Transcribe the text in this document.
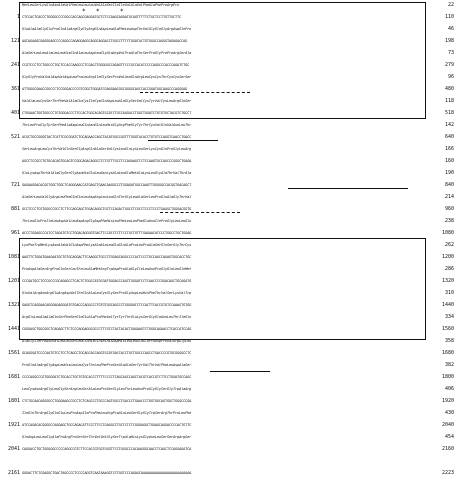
MetLeuSerLysGlnAsnAlaValPheLeuLeuLeuValAlaSerIleIleValAlaValPheAlaPheProArgPro	22
1 CTCCACTCACCCTGGGGCCCCGGCCACCAGCGAGGATGCTCTCCAAGCAGAATGCAGTTTTTCTGCTCCTTGTTGCTTC	110
GluAlaAlaGlyGluProGlnAlaArgGlyGlyArgGlnAspLeuAlaPheLeuAspThrValGlyGlnGlyArgAspGlnPro	46
121 AGCAGAAGCGAGGGAGCCCCAGGCCAGAGGAGGCAGGCAGGACCTGGCCTTTCTGGATACTGTGGGCCAGGGTAGAGACCAG	198
AlaSerLeuLeuAlaLeuLeuHisGlnAlaLeuAspLeuGlyAlaArgValProAlaThrSerProGlyProProArgSerAla	73
241 CCGTCCCTCCTGGCCCTGCTCCACCAAGCCCTCGACCTGGGGGCCAGAGTTCCCGCCACATCCCCAGGCCCACCCAGATCTGC	279
GlyGlyProValValAspValAspLeuProLeuArgIleGlySerProValAsnGlnArgLeuCysCysThrCysCysSerSer	96
361 ATTGGGCGAACCGGCCCTCCGGGACCCCGTCGGCTGGGATCGAGGAACGGCGGGGCAGCCACCGGATGGCAAGCCCAGGGAG	480
ValAlaLeuCysSerThrPheValAlaGlnCysIleCysGlnAspLeuAlaGlySerValCysTyrValCysLeuArgGlnSer	118
401 CTGGAACTGGTGGCCCTGTGGGACCCTTCCACTGGCACAGTGCATCTGCCAGGACCTGGCTGGATCTGTGTGCTACGTCTGCCT	518
ThrLeuProGlyTyrSerPheAlaAspLeuGlnAsnGlnLeuHisGlyArgPheGlyTyrThrCysValGlnValAsnLeuThr	142
521 ACGCTGCCGGGGTACTCATTCGCGGATCTGCAGAACCAGCTACATGGCCGGTTTGGGTACACCTGTGTCCAGGTCAACCTGACC	640
SerLeuArgLeuCysThrValGlnSerGlyArgGlnAlaSerValCysLeuGlnLysLeuSerLysCysGlnProGlyLeuArg	166
AGCCTCCGCCTGTGCACAGTGCAGTCCGGCAGACAGGCCTCTGTTTGCCTCCAGAAGCTCTCCAAGTGCCAGCCCGGGCTGAGA	160
GluLysAspThrValAlaGlySerGlyAsnHisGluLeuAsnLysAlaLeuGluMetAlaLysLeuGlyAlaThrValThrAla	190
721 GAGAAGGACACGGTGGCTGGCTCAGGGAACCATGAGCTGAACAAGGCCCTGGAGATGGCCAAGTTGGGGGCCACGGTGACAGCT	840
AlaSerLeuValGlyArgLeuPheGlnGlnLeuAspArgLeuLeuGlnThrGlyLeuAlaSerLeuProGluAlaGlyThrVal	214
881 GCCTCCCTCGTGGGCCGCCTCTTCCAGCAGCTGGACAGGCTGCTCCAGACTGGCCTCGCCTCCCTCCCTGAGGCTGGGACGGTG	960
ThrLeuGluProIleLeuAspValLeuAspArgGlyAspPheHisLeuPheLeuLeuPheGluAsnIleProGlyLeuLeuGlu	238
961 ACCCTGGAGCCCATCCTAGATGTCCTGGACAGGGGTGACTTCCATCTCTTCCTGCTGTTTGAGAACATCCCTGGCCTGCTGGAG	1080
LysPheTrpMetLysAsnAlaValGlnAspPheLysAlaAlaLeuGluGlnAlaProLeuProAlaSerGlnSerGlyThrCys	262
1081 AAGTTCTGGATGAAGAATGCTGTGCAGGACTTCAAGGCTGCCCTGGAGCAGGCCCCACTCCCTGCCAGCCAGAGTGGCACCTGC	1200
ProAspAlaSerArgProGlnSerLeuThrLeuAlaMetArgTrpAspProAlaGlyIleLeuAsnProGlyGlnLeuGlnMet	286
1201 CCCGATGCCTCCCGCCCGCAGAGCCTCACTCTGGCCATGCGATGGGACCCAGCTGGGATCCTCAACCCCGGACAGCTGCAGATG	1320
GluValArgAsnArgGluArgAspValThrGlnAlaLeuCysGlySerProGlyAspLeuHisPheThrValSerLysValTrp	310
1321 GAGGTCAGGAACAGGGAGAGGGATGTGACCCAGGCCCTGTGTGGCAGCCCTGGGGATCTCCACTTCACCGTGTCCAAAGTGTGG	1440
ArgGluLeuAlaAlaGlnSerPheSerGlnGluAlaProPheValTyrTyrThrGluLysSerGlyGlnAsnLeuThrIleGln	334
1441 CGGGAGCTGGCGGCTCAGAGCTTCTCCCAGGAGGCGCCCTTTGTCTACTACACTGAGAAGTCTGGGCAGAACCTCACCATCCAG	1560
AlaGlyIleProAsnValLeuLeuSerLeuGlnHisGlnValHisAspHisLeuLeuAlaGlnProAspProValArgGlyLeu	358
1561 GCAGGGATCCCCAATGTCCTCCTCAGCCTGCAGCACCAGGTGCATGACCACCTGCTGGCCCAGCCTGACCCCGTGCGGGGCCTC	1680
ProGlnAlaArgGlyAspLeuHisLeuLeuCysThrLeuPheProSerAlaAlaSerTyrValThrValPheLeuAspAlaSer	382
1681 CCCCAGGCCCGTGGGGATCTGCACCTGCTGTGCACCCTTTTCCCCTCAGCAGCCAGCTACGTCACCGTCTTCCTGGATGCCAGC	1800
LeuCysAsnArgGlyLeuGlySerArgLeuSerAlaLeuProSerGlyLeuThrLeuAsnProGlyGlySerGlyTrpAlaArg	406
1801 CTCTGCAACAGGGGCCTGGGAAGCCGCCTCTCAGCCCTGCCCAGTGGCCTGACCCTGAACCCTGGTGGCAGTGGCTGGGCCCGA	1920
IleGlnThrArgGlyGlnGluLeuProAspIleProPheLeuArgProAlaLeuSerGlyGlyTrpSerArgThrProLeuPhe	430
1921 ATCCAGACACGGGGCCAGGAGCTGCCAGACATTCCCTTCCTGAGGCCTGCTCTCTCGGGAGGCTGGAGCAGGACCCCACTGTTC	2040
GlnAspLeuLeuGlyAlaProArgProSerSerThrValValGlySerTrpAlaHisLysGlyAsnLeuSerSerArgArgSer	454
2041 CAGGACCTGCTGGGGGCCCCCAGGCCGTCTTCCACCGTGGTGGGTTCCTGGGCCCACAAGGGCAACCTCAGCTCCAGGAGATCA	2160
2161 GGGACTTCTCGAGGCTGACTAGCCCCTCCCCAGGTCAATAAAGGTCCTGGTCCCAGAGCAAAAAAAAAAAAAAAAAAAAAAAAA	2223
* *	*
